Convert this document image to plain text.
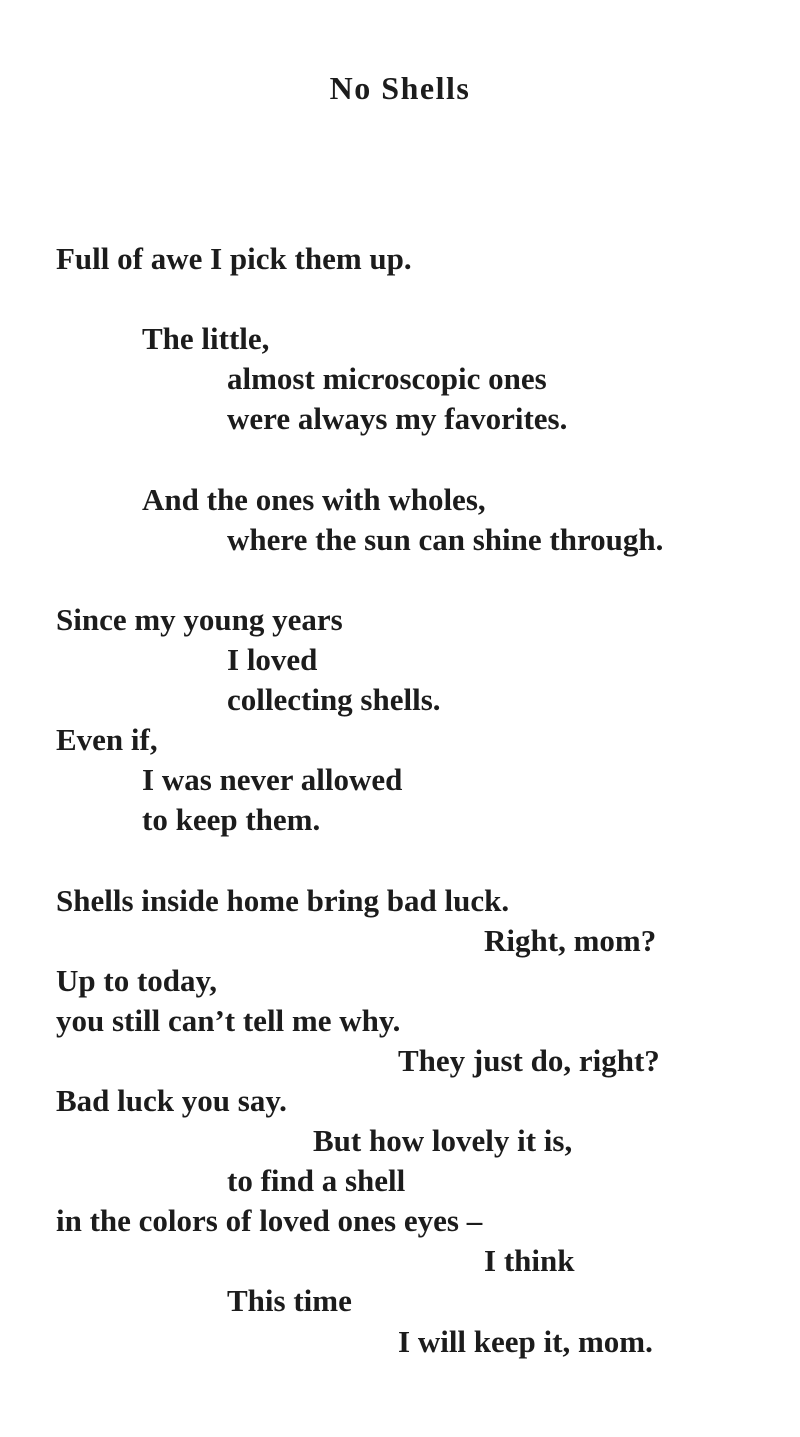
No Shells
Full of awe I pick them up.
The little,
almost microscopic ones
were always my favorites.
And the ones with wholes,
where the sun can shine through.
Since my young years
I loved
collecting shells.
Even if,
I was never allowed
to keep them.
Shells inside home bring bad luck.
Right, mom?
Up to today,
you still can’t tell me why.
They just do, right?
Bad luck you say.
But how lovely it is,
to find a shell
in the colors of loved ones eyes –
I think
This time
I will keep it, mom.
